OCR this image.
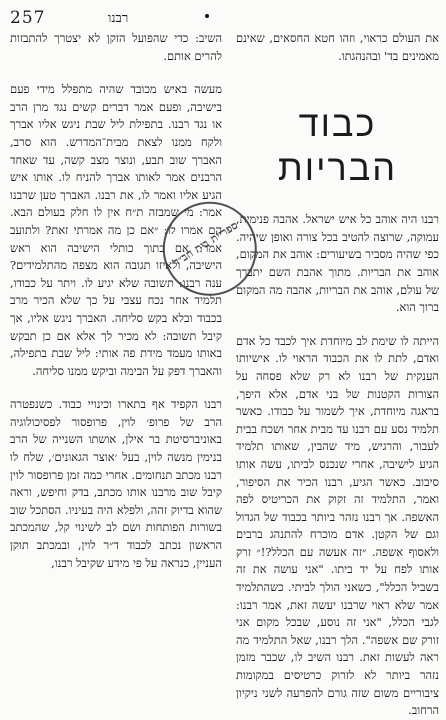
257	רבנו

את העולם כראוי, וזהו חטא החסאים, שאינם מאמינים בד' ובהנהגתו.

כבוד הבריות

רבנו היה אוהב כל איש ישראל. אהבה פנימית, עמוקה, שרוצה להטיב בכל צורה ואופן שיהיה. כפי שהיה מסביר בשיעורים: אוהב את המקום, אוהב את הבריות. מתוך אהבת השם יתברך של עולם, אוהב את הבריות, אהבה מה המקום ברוך הוא.

הייתה לו שימת לב מיוחדת איך לכבד כל אדם ואדם, לתת לו את הכבוד הראוי לו. אישיותו הענקית של רבנו לא רק שלא פסחה על הצורות הקטנות של בני אדם, אלא היפך, בראגה מיוחדת, איך לשמור על כבודו. כאשר תלמיד נסע עם רבנו עד מבית אחר ושכח בבית לעבור, והרגיש, מיד שהבין, שאותו תלמיד הגיע לישיבה, אחרי שנכנס לביתו, עשה אותו סיבוב. כאשר הגיע, רבנו הכיר את הסיפור, ואמר, התלמיד זה זקוק את הכריטיס לפה האשפה. אך רבנו נזהר ביותר בכבוד של הגדול וגם של הקטן. אדם מוכרח להתנהג ברבים ולאסוף אשפה. ״זה אעשה עם הכלל?!״ זרק אותו לפח על יד ביתו. "אני עושה את זה בשביל הכלל", כשאני הולך לביתי. כשהתלמיד אמר שלא ראוי שרבנו יעשה זאת, אמר רבנו: לגבי הכלל, "אני זה נוסע, שבכל מקום אני זורק שם אשפה". הלך רבנו, שאל התלמיד מה ראה לעשות זאת. רבנו השיב לו, שכבר מזמן נזהר ביותר לא לזרוק כרטיסים במקומות ציבוריים משום שזה גורם להפרעה לשני ניקיון הרחוב.

השיב: כדי שהפועל הזקן לא יצטרך להתבזות להרים אותם.

מעשה באיש מכובד שהיה מתפלל מידי פעם בישיבה, ופעם אמר דברים קשים נגד מרן הרב או נגד רבנו. בתפילת ליל שבת ניגש אליו אברך ולקח ממנו לצאת מבית־המדרש. הוא סרב, האברך שוב תבע, ונוצר מצב קשה, עד שאחד הרבנים אמר לאותו אברך להניח לו. אותו איש הגיע אליו ואמר לו, את רבנו. האברך טען שרבנו אמר: מי שמבזה ת״ח אין לו חלק בעולם הבא. הם אמרו לו: ״אם כן מה אמרתי זאת? ולתועב אמר: אם בתוך כותלי הישיבה הוא ראש הישיבה, ולאיזו תגובה הוא מצפה מהתלמידים? ענה רבנו: תשובה שלא יגיע לו. ויתר על כבודו, תלמיד אחר נכח עצבי על כך שלא הכיר מרב בכבוד ובלא בקש סליחה. האברך ניגש אליו, אך קיבל תשובה: לא מכיר לך אלא אם כן תבקש באותו מעמד מידת פה אותי: ליל שבת בתפילה, והאברך דפק על הבימה וביקש ממנו סליחה.

רבנו הקפיד אף בתארו וכינויי כבוד. כשנפטרה הרב של פרופ׳ לוין, פרופסור לפסיכולוגיה באוניברסיטת בר אילן, אושתו השנייה של הרב בנימין מנשה לוין, בעל ׳אוצר הגאונים׳, שלח לו רבנו מכתב תנחומים. אחרי כמה זמן פרופסור לוין קיבל שוב מרבנו אותו מכתב, בדק וחיפש, וראה שהוא בדיוק זהה, ולפלא היה בעיניו. הסתכל שוב בשורות הפותחות ושם לב לשינוי קל, שהמכתב הראשון נכתב לכבוד ד״ר לוין, ובמכתב תוקן העניין, כנראה על פי מידע שקיבל רבנו,

ספריית בית חב״ד
